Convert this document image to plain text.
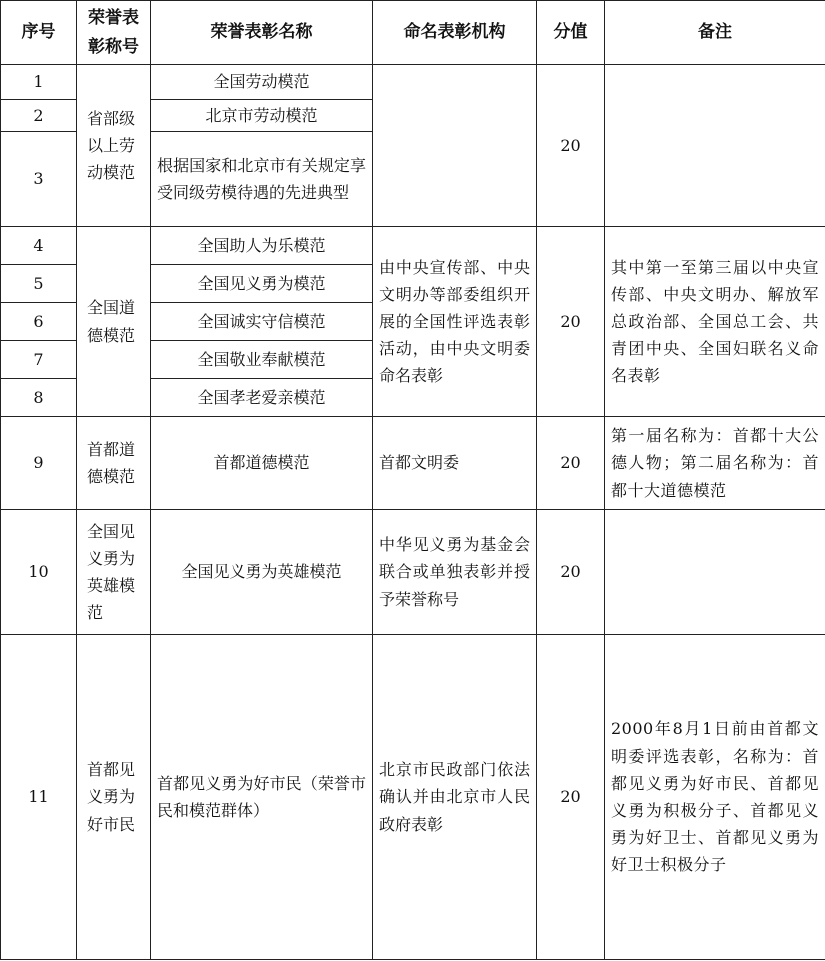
序号	荣誉表彰称号	荣誉表彰名称	命名表彰机构	分值	备注
1	省部级以上劳动模范	全国劳动模范		20	
2		北京市劳动模范			
3		根据国家和北京市有关规定享受同级劳模待遇的先进典型			
4	全国道德模范	全国助人为乐模范	由中央宣传部、中央文明办等部委组织开展的全国性评选表彰活动，由中央文明委命名表彰	20	其中第一至第三届以中央宣传部、中央文明办、解放军总政治部、全国总工会、共青团中央、全国妇联名义命名表彰
5		全国见义勇为模范			
6		全国诚实守信模范			
7		全国敬业奉献模范			
8		全国孝老爱亲模范			
9	首都道德模范	首都道德模范	首都文明委	20	第一届名称为：首都十大公德人物；第二届名称为：首都十大道德模范
10	全国见义勇为英雄模范	全国见义勇为英雄模范	中华见义勇为基金会联合或单独表彰并授予荣誉称号	20	
11	首都见义勇为好市民	首都见义勇为好市民（荣誉市民和模范群体）	北京市民政部门依法确认并由北京市人民政府表彰	20	2000年8月1日前由首都文明委评选表彰，名称为：首都见义勇为好市民、首都见义勇为积极分子、首都见义勇为好卫士、首都见义勇为好卫士积极分子
